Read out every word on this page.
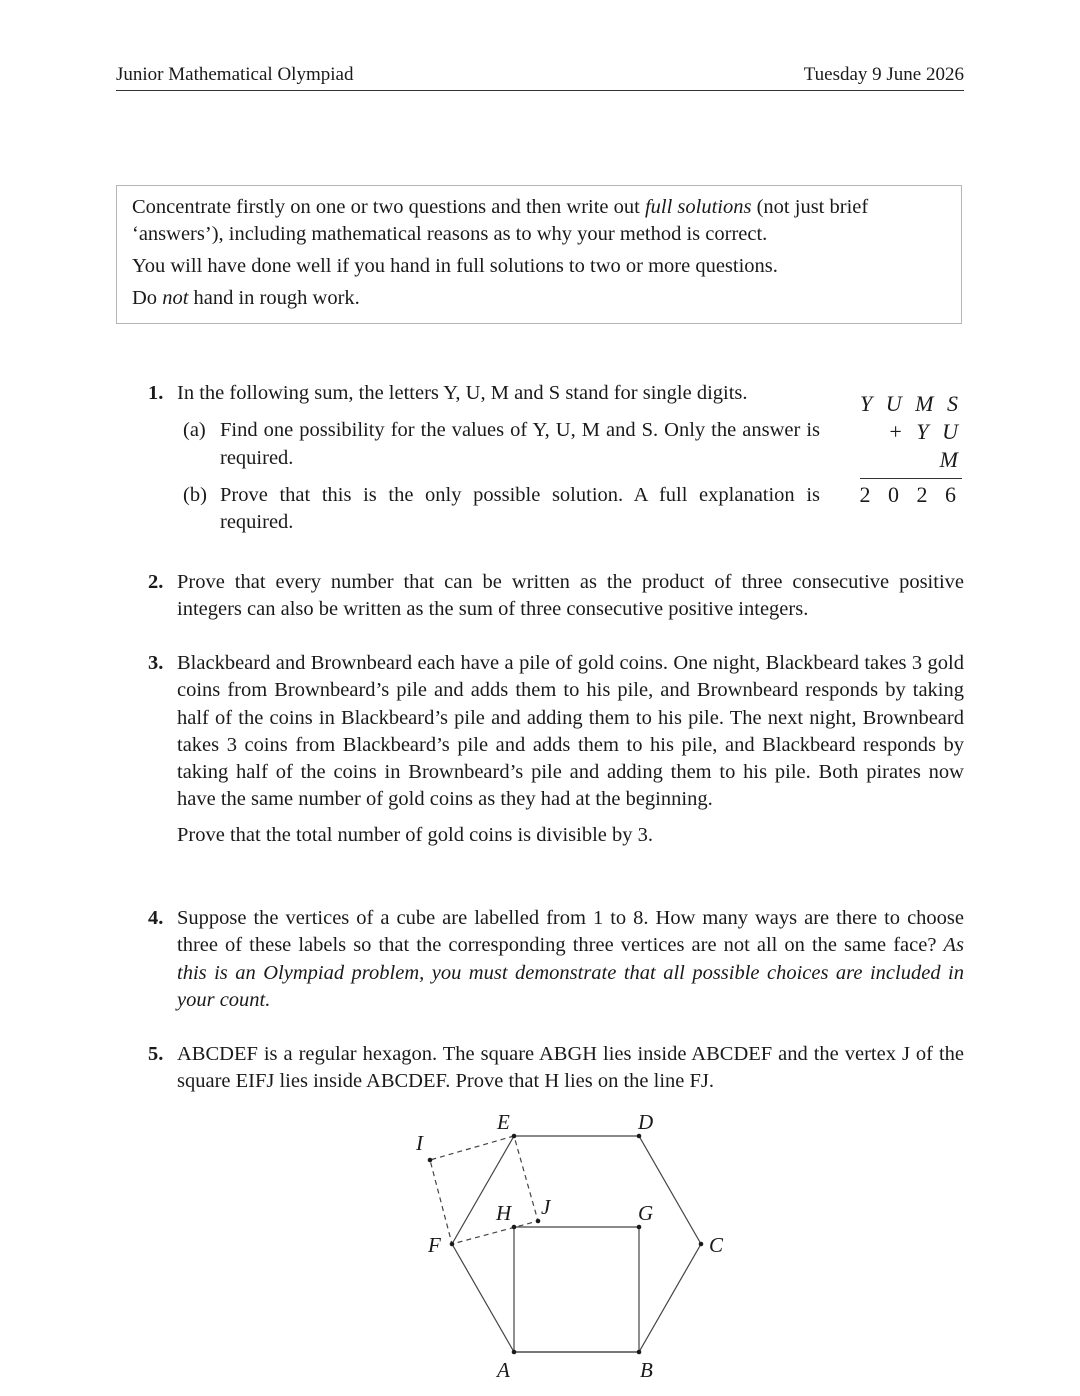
Junior Mathematical Olympiad	Tuesday 9 June 2026

Concentrate firstly on one or two questions and then write out full solutions (not just brief ‘answers’), including mathematical reasons as to why your method is correct.

You will have done well if you hand in full solutions to two or more questions.

Do not hand in rough work.

1. In the following sum, the letters Y, U, M and S stand for single digits.
(a) Find one possibility for the values of Y, U, M and S. Only the answer is required.
(b) Prove that this is the only possible solution. A full explanation is required.
Y U M S
+ Y U M
2 0 2 6
2. Prove that every number that can be written as the product of three consecutive positive integers can also be written as the sum of three consecutive positive integers.
3. Blackbeard and Brownbeard each have a pile of gold coins. One night, Blackbeard takes 3 gold coins from Brownbeard’s pile and adds them to his pile, and Brownbeard responds by taking half of the coins in Blackbeard’s pile and adding them to his pile. The next night, Brownbeard takes 3 coins from Blackbeard’s pile and adds them to his pile, and Blackbeard responds by taking half of the coins in Brownbeard’s pile and adding them to his pile. Both pirates now have the same number of gold coins as they had at the beginning.

Prove that the total number of gold coins is divisible by 3.

4. Suppose the vertices of a cube are labelled from 1 to 8. How many ways are there to choose three of these labels so that the corresponding three vertices are not all on the same face? As this is an Olympiad problem, you must demonstrate that all possible choices are included in your count.
5. ABCDEF is a regular hexagon. The square ABGH lies inside ABCDEF and the vertex J of the square EIFJ lies inside ABCDEF. Prove that H lies on the line FJ.
A	B
C
D
E
F
G
H
I
J
